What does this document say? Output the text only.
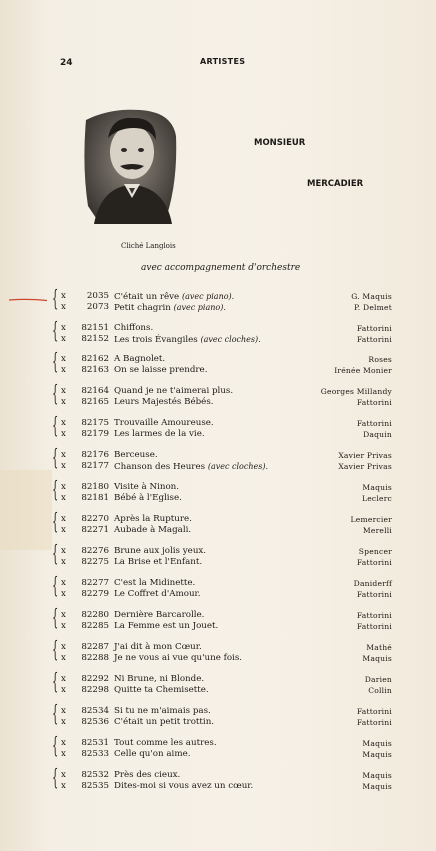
24	ARTISTES
MONSIEUR
MERCADIER
Cliché Langlois
avec accompagnement d'orchestre
{ x	2035 C'était un rêve (avec piano).	G. Maquis
x	2073 Petit chagrin (avec piano).	P. Delmet
{ x	82151 Chiffons.	Fattorini
x	82152 Les trois Évangiles (avec cloches).	Fattorini
{ x	82162 A Bagnolet.	Roses
x	82163 On se laisse prendre.	Irénée Monier
{ x	82164 Quand je ne t'aimerai plus.	Georges Millandy
x	82165 Leurs Majestés Bébés.	Fattorini
{ x	82175 Trouvaille Amoureuse.	Fattorini
x	82179 Les larmes de la vie.	Daquin
{ x	82176 Berceuse.	Xavier Privas
x	82177 Chanson des Heures (avec cloches).	Xavier Privas
{ x	82180 Visite à Ninon.	Maquis
x	82181 Bébé à l'Eglise.	Leclerc
{ x	82270 Après la Rupture.	Lemercier
x	82271 Aubade à Magali.	Merelli
{ x	82276 Brune aux jolis yeux.	Spencer
x	82275 La Brise et l'Enfant.	Fattorini
{ x	82277 C'est la Midinette.	Daniderff
x	82279 Le Coffret d'Amour.	Fattorini
{ x	82280 Dernière Barcarolle.	Fattorini
x	82285 La Femme est un Jouet.	Fattorini
{ x	82287 J'ai dit à mon Cœur.	Mathé
x	82288 Je ne vous ai vue qu'une fois.	Maquis
{ x	82292 Ni Brune, ni Blonde.	Darien
x	82298 Quitte ta Chemisette.	Collin
{ x	82534 Si tu ne m'aimais pas.	Fattorini
x	82536 C'était un petit trottin.	Fattorini
{ x	82531 Tout comme les autres.	Maquis
x	82533 Celle qu'on aime.	Maquis
{ x	82532 Près des cieux.	Maquis
x	82535 Dites-moi si vous avez un cœur.	Maquis
